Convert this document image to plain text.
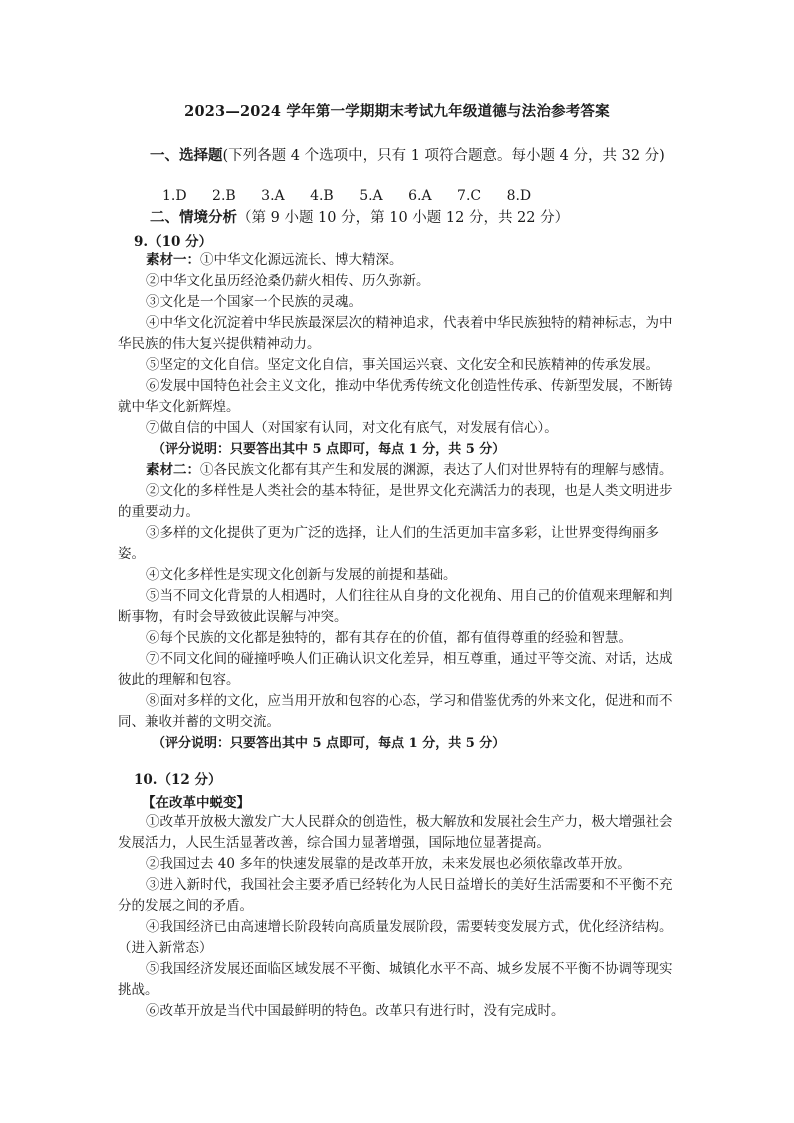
2023—2024 学年第一学期期末考试九年级道德与法治参考答案
一、选择题(下列各题 4 个选项中，只有 1 项符合题意。每小题 4 分，共 32 分)
1.D 2.B 3.A 4.B 5.A 6.A 7.C 8.D
二、情境分析（第 9 小题 10 分，第 10 小题 12 分，共 22 分）
9.（10 分）

素材一：①中华文化源远流长、博大精深。

②中华文化虽历经沧桑仍薪火相传、历久弥新。

③文化是一个国家一个民族的灵魂。

④中华文化沉淀着中华民族最深层次的精神追求，代表着中华民族独特的精神标志，为中华民族的伟大复兴提供精神动力。

⑤坚定的文化自信。坚定文化自信，事关国运兴衰、文化安全和民族精神的传承发展。

⑥发展中国特色社会主义文化，推动中华优秀传统文化创造性传承、传新型发展，不断铸就中华文化新辉煌。

⑦做自信的中国人（对国家有认同，对文化有底气，对发展有信心）。

（评分说明：只要答出其中 5 点即可，每点 1 分，共 5 分）

素材二：①各民族文化都有其产生和发展的渊源，表达了人们对世界特有的理解与感情。

②文化的多样性是人类社会的基本特征，是世界文化充满活力的表现，也是人类文明进步的重要动力。

③多样的文化提供了更为广泛的选择，让人们的生活更加丰富多彩，让世界变得绚丽多姿。

④文化多样性是实现文化创新与发展的前提和基础。

⑤当不同文化背景的人相遇时，人们往往从自身的文化视角、用自己的价值观来理解和判断事物，有时会导致彼此误解与冲突。

⑥每个民族的文化都是独特的，都有其存在的价值，都有值得尊重的经验和智慧。

⑦不同文化间的碰撞呼唤人们正确认识文化差异，相互尊重，通过平等交流、对话，达成彼此的理解和包容。

⑧面对多样的文化，应当用开放和包容的心态，学习和借鉴优秀的外来文化，促进和而不同、兼收并蓄的文明交流。

（评分说明：只要答出其中 5 点即可，每点 1 分，共 5 分）

10.（12 分）
【在改革中蜕变】

①改革开放极大激发广大人民群众的创造性，极大解放和发展社会生产力，极大增强社会发展活力，人民生活显著改善，综合国力显著增强，国际地位显著提高。

②我国过去 40 多年的快速发展靠的是改革开放，未来发展也必须依靠改革开放。

③进入新时代，我国社会主要矛盾已经转化为人民日益增长的美好生活需要和不平衡不充分的发展之间的矛盾。

④我国经济已由高速增长阶段转向高质量发展阶段，需要转变发展方式，优化经济结构。（进入新常态）

⑤我国经济发展还面临区域发展不平衡、城镇化水平不高、城乡发展不平衡不协调等现实挑战。

⑥改革开放是当代中国最鲜明的特色。改革只有进行时，没有完成时。
